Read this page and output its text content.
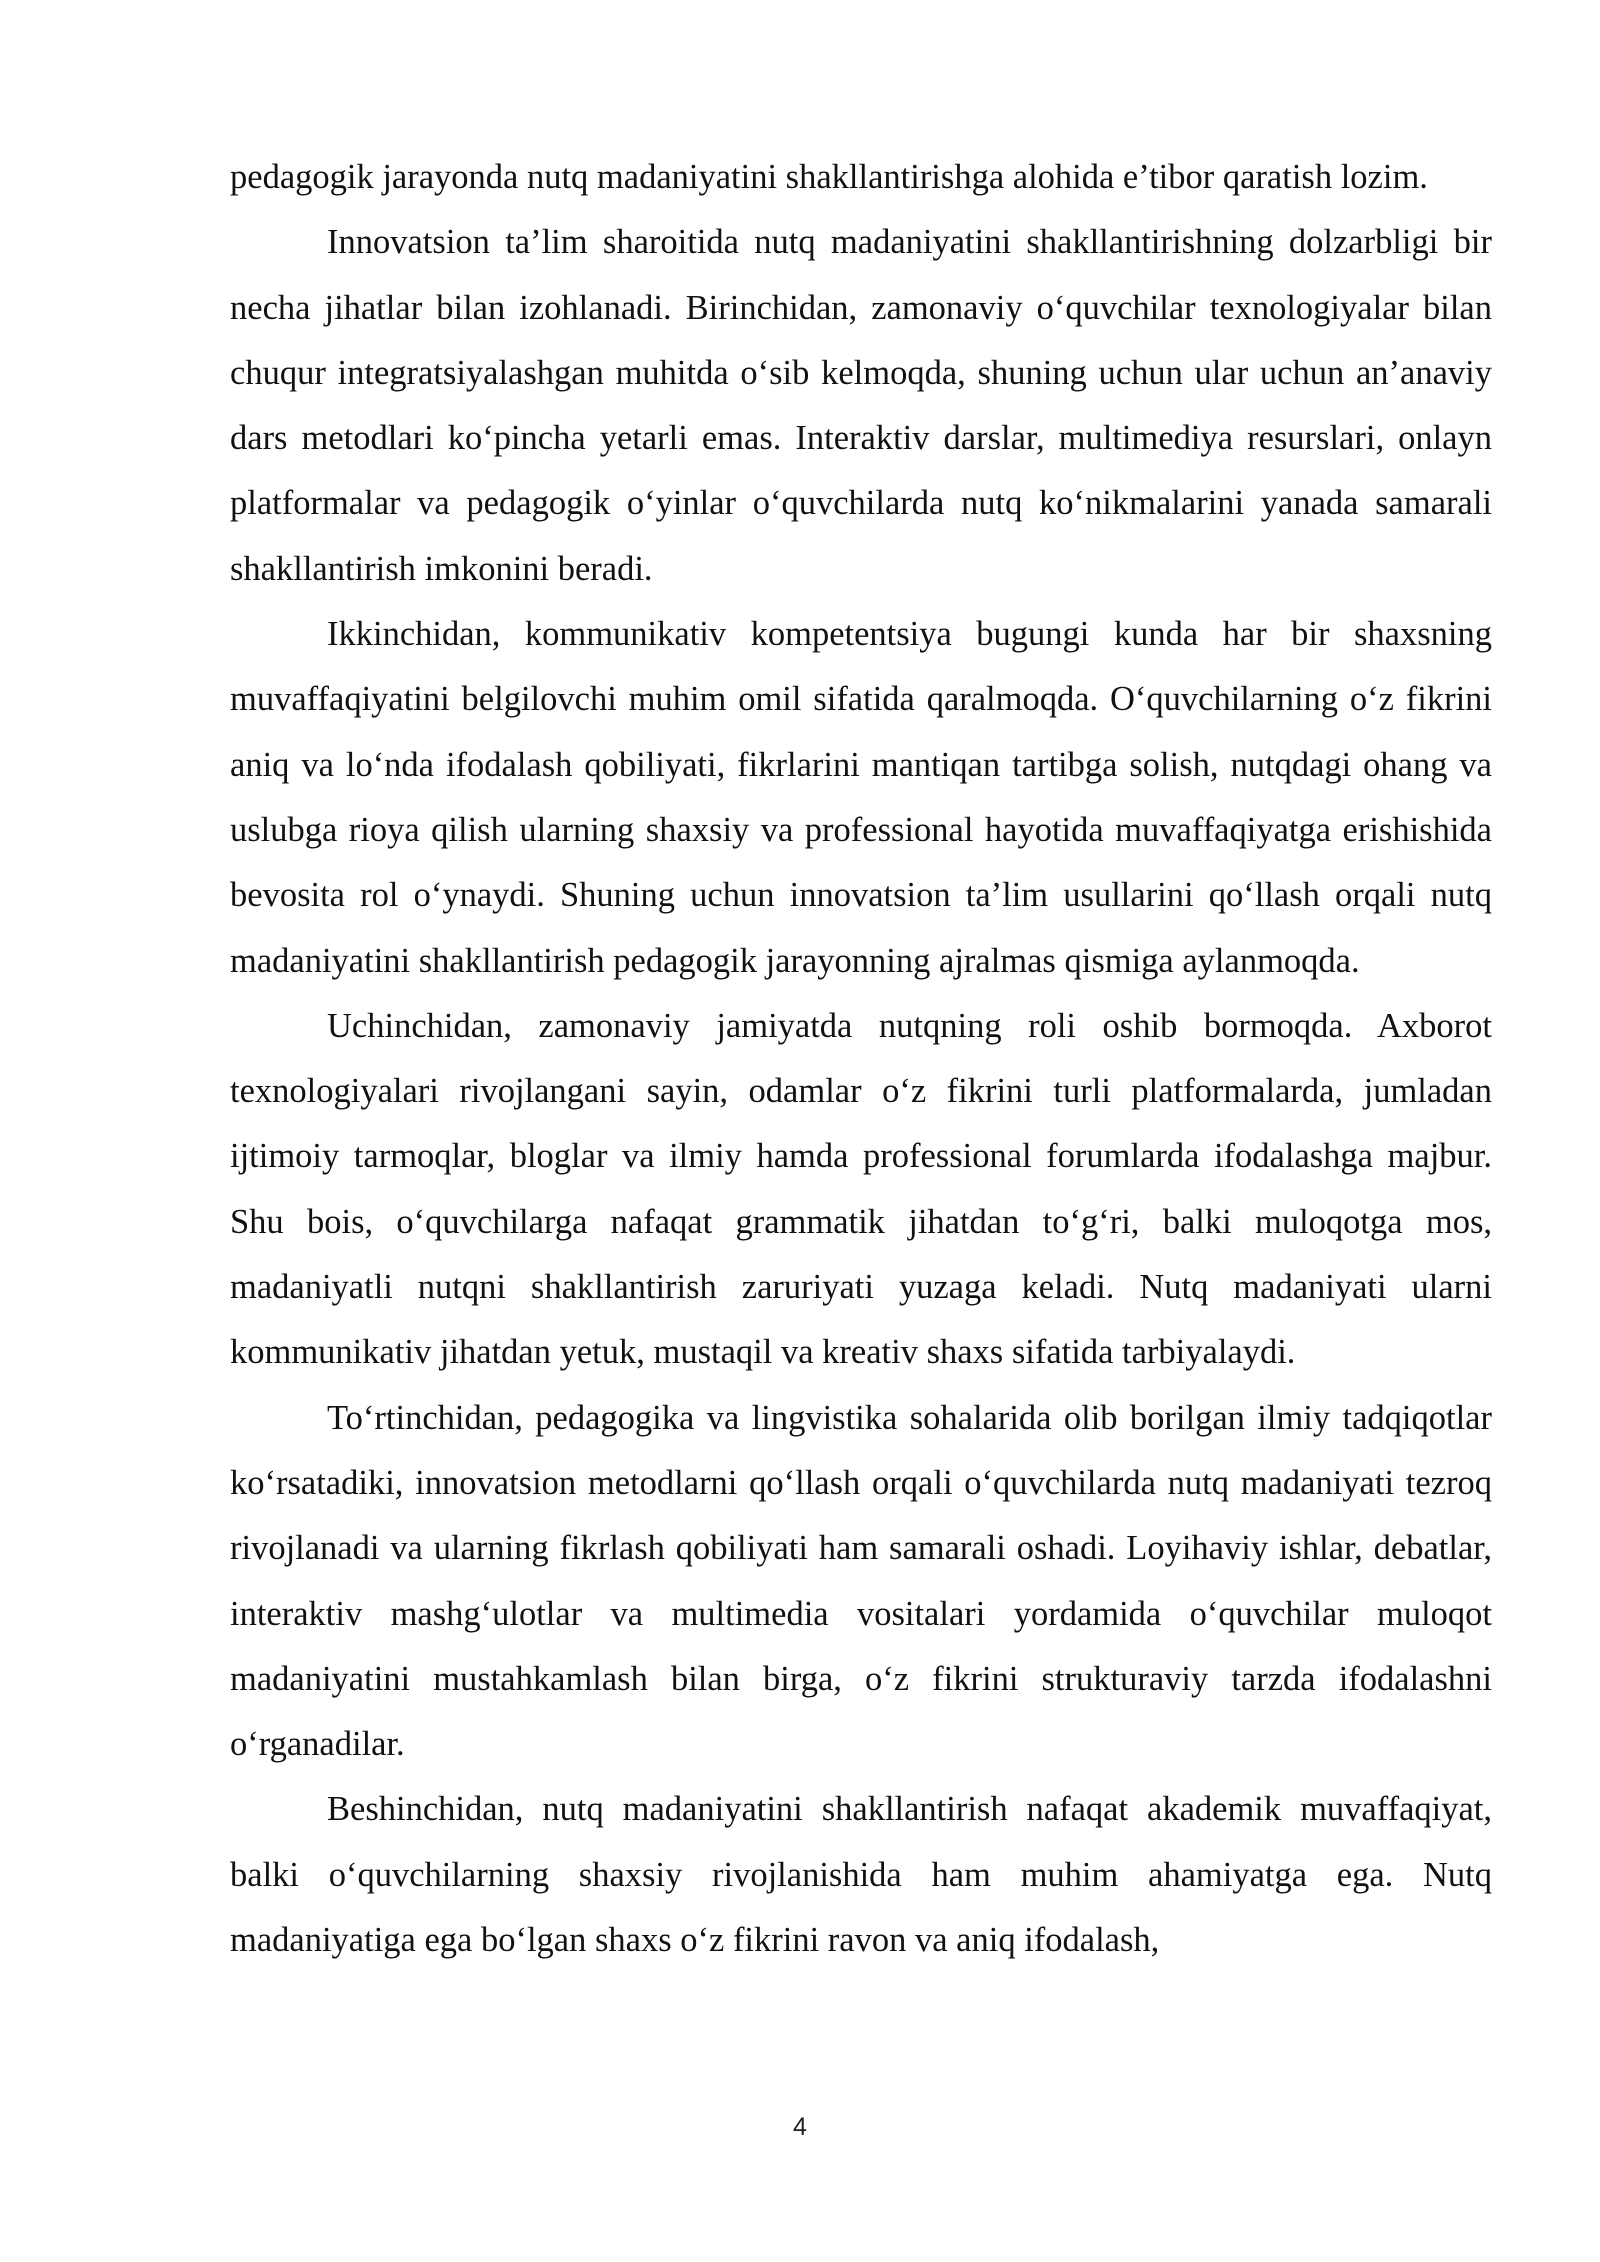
pedagogik jarayonda nutq madaniyatini shakllantirishga alohida e’tibor qaratish lozim.

Innovatsion ta’lim sharoitida nutq madaniyatini shakllantirishning dolzarbligi bir necha jihatlar bilan izohlanadi. Birinchidan, zamonaviy o‘quvchilar texnologiyalar bilan chuqur integratsiyalashgan muhitda o‘sib kelmoqda, shuning uchun ular uchun an’anaviy dars metodlari ko‘pincha yetarli emas. Interaktiv darslar, multimediya resurslari, onlayn platformalar va pedagogik o‘yinlar o‘quvchilarda nutq ko‘nikmalarini yanada samarali shakllantirish imkonini beradi.

Ikkinchidan, kommunikativ kompetentsiya bugungi kunda har bir shaxsning muvaffaqiyatini belgilovchi muhim omil sifatida qaralmoqda. O‘quvchilarning o‘z fikrini aniq va lo‘nda ifodalash qobiliyati, fikrlarini mantiqan tartibga solish, nutqdagi ohang va uslubga rioya qilish ularning shaxsiy va professional hayotida muvaffaqiyatga erishishida bevosita rol o‘ynaydi. Shuning uchun innovatsion ta’lim usullarini qo‘llash orqali nutq madaniyatini shakllantirish pedagogik jarayonning ajralmas qismiga aylanmoqda.

Uchinchidan, zamonaviy jamiyatda nutqning roli oshib bormoqda. Axborot texnologiyalari rivojlangani sayin, odamlar o‘z fikrini turli platformalarda, jumladan ijtimoiy tarmoqlar, bloglar va ilmiy hamda professional forumlarda ifodalashga majbur. Shu bois, o‘quvchilarga nafaqat grammatik jihatdan to‘g‘ri, balki muloqotga mos, madaniyatli nutqni shakllantirish zaruriyati yuzaga keladi. Nutq madaniyati ularni kommunikativ jihatdan yetuk, mustaqil va kreativ shaxs sifatida tarbiyalaydi.

To‘rtinchidan, pedagogika va lingvistika sohalarida olib borilgan ilmiy tadqiqotlar ko‘rsatadiki, innovatsion metodlarni qo‘llash orqali o‘quvchilarda nutq madaniyati tezroq rivojlanadi va ularning fikrlash qobiliyati ham samarali oshadi. Loyihaviy ishlar, debatlar, interaktiv mashg‘ulotlar va multimedia vositalari yordamida o‘quvchilar muloqot madaniyatini mustahkamlash bilan birga, o‘z fikrini strukturaviy tarzda ifodalashni o‘rganadilar.

Beshinchidan, nutq madaniyatini shakllantirish nafaqat akademik muvaffaqiyat, balki o‘quvchilarning shaxsiy rivojlanishida ham muhim ahamiyatga ega. Nutq madaniyatiga ega bo‘lgan shaxs o‘z fikrini ravon va aniq ifodalash,

4
